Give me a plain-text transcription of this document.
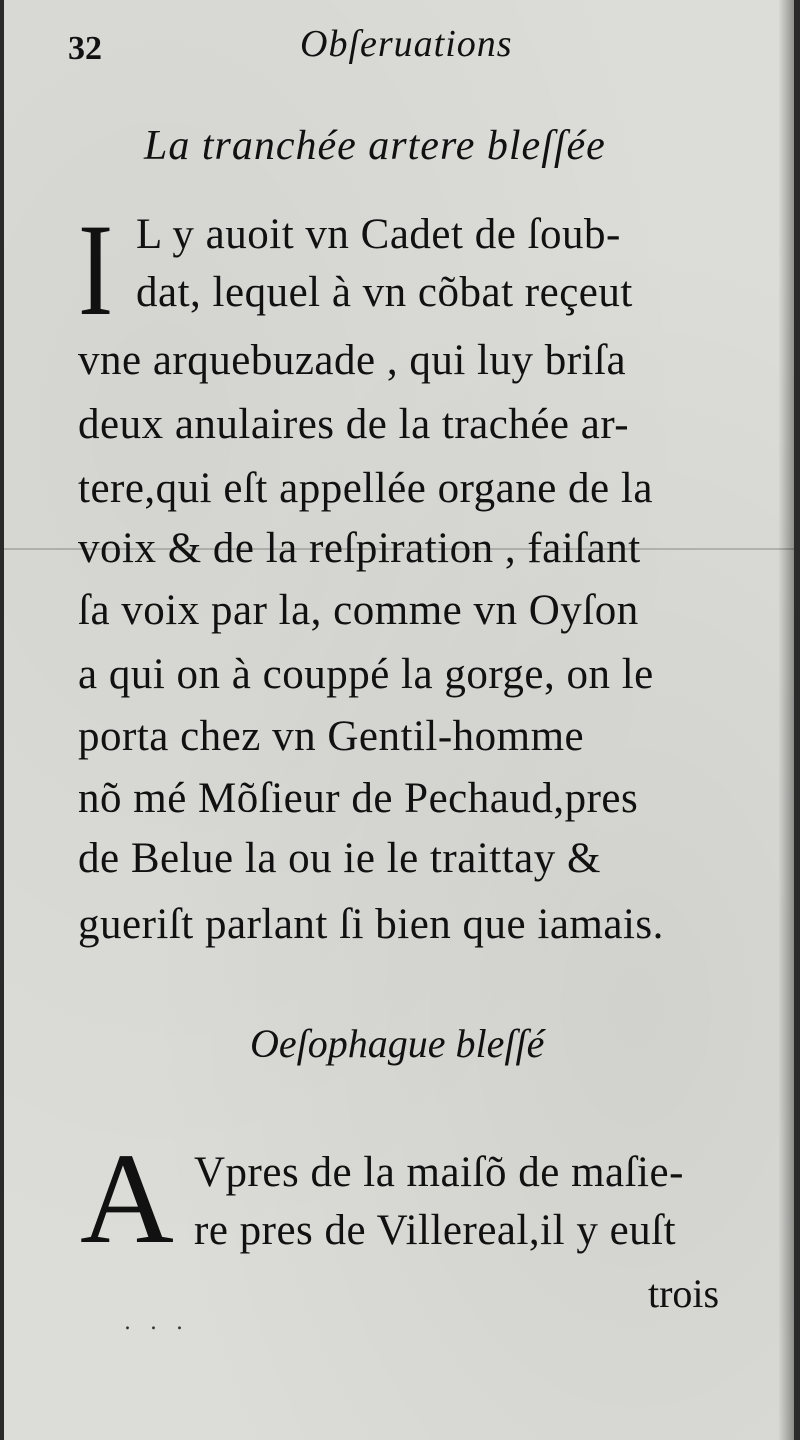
32	Obſeruations
La tranchée artere bleſſée
I L y auoit vn Cadet de ſoub-
dat, lequel à vn cõbat reçeut
vne arquebuzade , qui luy briſa
deux anulaires de la trachée ar-
tere,qui eſt appellée organe de la
voix & de la reſpiration , faiſant
ſa voix par la, comme vn Oyſon
a qui on à couppé la gorge, on le
porta chez vn Gentil-homme
nõ mé Mõſieur de Pechaud,pres
de Belue la ou ie le traittay &
gueriſt parlant ſi bien que iamais.
Oeſophague bleſſé
A Vpres de la maiſõ de maſie-
re pres de Villereal,il y euſt
trois
. . .
